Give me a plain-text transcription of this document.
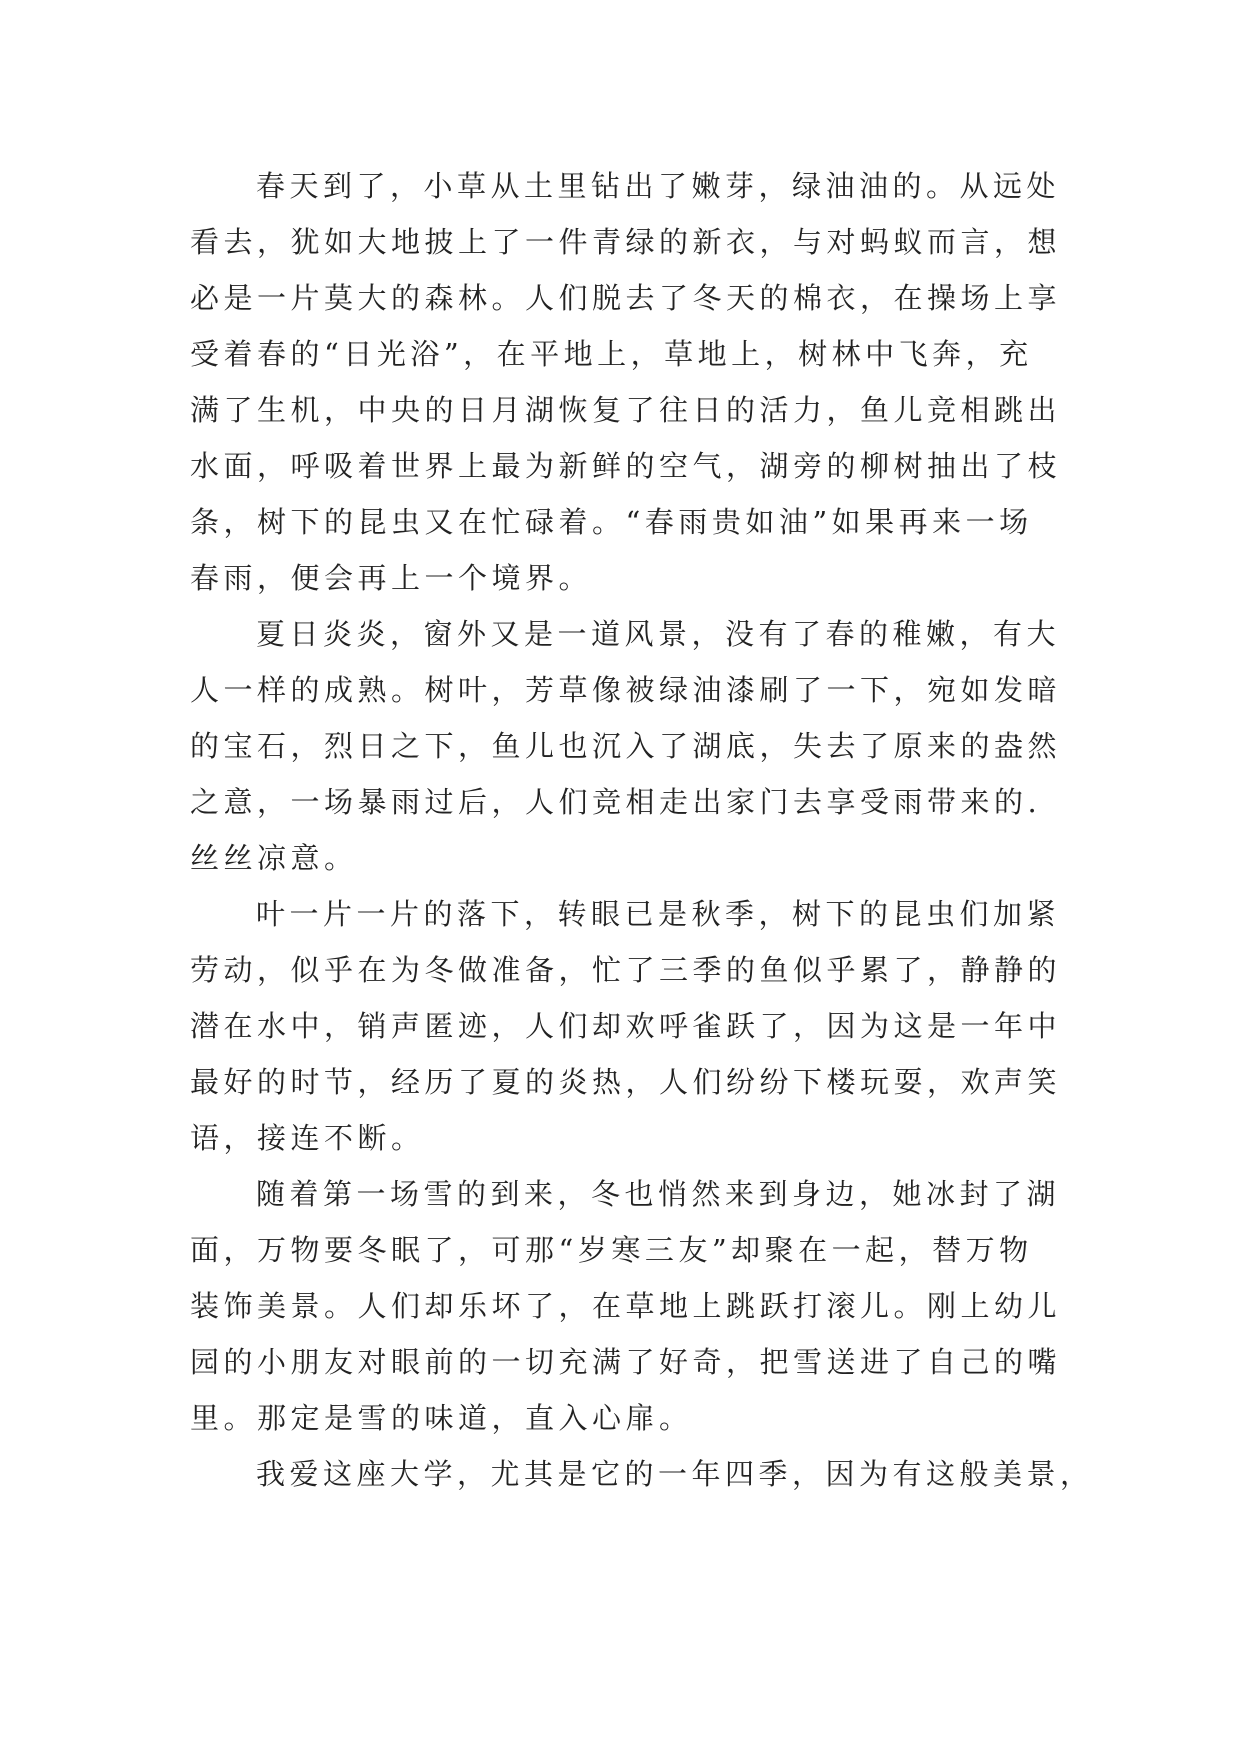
春天到了，小草从土里钻出了嫩芽，绿油油的。从远处
看去，犹如大地披上了一件青绿的新衣，与对蚂蚁而言，想
必是一片莫大的森林。人们脱去了冬天的棉衣，在操场上享
受着春的“日光浴”，在平地上，草地上，树林中飞奔，充
满了生机，中央的日月湖恢复了往日的活力，鱼儿竞相跳出
水面，呼吸着世界上最为新鲜的空气，湖旁的柳树抽出了枝
条，树下的昆虫又在忙碌着。“春雨贵如油”如果再来一场
春雨，便会再上一个境界。
夏日炎炎，窗外又是一道风景，没有了春的稚嫩，有大
人一样的成熟。树叶，芳草像被绿油漆刷了一下，宛如发暗
的宝石，烈日之下，鱼儿也沉入了湖底，失去了原来的盎然
之意，一场暴雨过后，人们竞相走出家门去享受雨带来的.
丝丝凉意。
叶一片一片的落下，转眼已是秋季，树下的昆虫们加紧
劳动，似乎在为冬做准备，忙了三季的鱼似乎累了，静静的
潜在水中，销声匿迹，人们却欢呼雀跃了，因为这是一年中
最好的时节，经历了夏的炎热，人们纷纷下楼玩耍，欢声笑
语，接连不断。
随着第一场雪的到来，冬也悄然来到身边，她冰封了湖
面，万物要冬眠了，可那“岁寒三友”却聚在一起，替万物
装饰美景。人们却乐坏了，在草地上跳跃打滚儿。刚上幼儿
园的小朋友对眼前的一切充满了好奇，把雪送进了自己的嘴
里。那定是雪的味道，直入心扉。
我爱这座大学，尤其是它的一年四季，因为有这般美景，
